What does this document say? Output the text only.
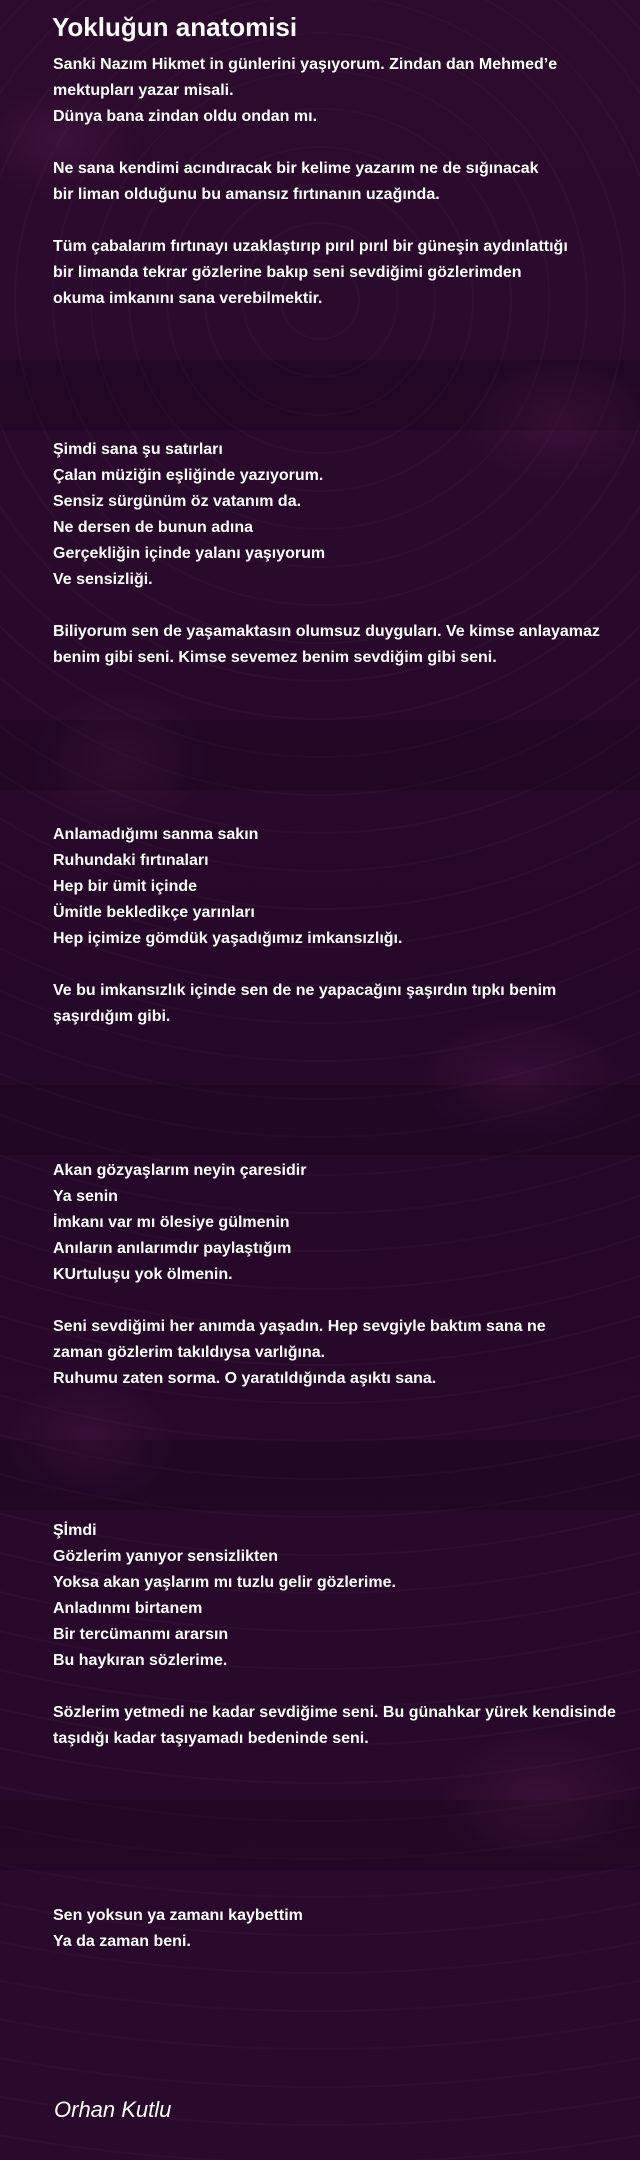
Yokluğun anatomisi
Sanki Nazım Hikmet in günlerini yaşıyorum. Zindan dan Mehmed’e
mektupları yazar misali.
Dünya bana zindan oldu ondan mı.
Ne sana kendimi acındıracak bir kelime yazarım ne de sığınacak
bir liman olduğunu bu amansız fırtınanın uzağında.
Tüm çabalarım fırtınayı uzaklaştırıp pırıl pırıl bir güneşin aydınlattığı
bir limanda tekrar gözlerine bakıp seni sevdiğimi gözlerimden
okuma imkanını sana verebilmektir.
Şimdi sana şu satırları
Çalan müziğin eşliğinde yazıyorum.
Sensiz sürgünüm öz vatanım da.
Ne dersen de bunun adına
Gerçekliğin içinde yalanı yaşıyorum
Ve sensizliği.
Biliyorum sen de yaşamaktasın olumsuz duyguları. Ve kimse anlayamaz
benim gibi seni. Kimse sevemez benim sevdiğim gibi seni.
Anlamadığımı sanma sakın
Ruhundaki fırtınaları
Hep bir ümit içinde
Ümitle bekledikçe yarınları
Hep içimize gömdük yaşadığımız imkansızlığı.
Ve bu imkansızlık içinde sen de ne yapacağını şaşırdın tıpkı benim
şaşırdığım gibi.
Akan gözyaşlarım neyin çaresidir
Ya senin
İmkanı var mı ölesiye gülmenin
Anıların anılarımdır paylaştığım
KUrtuluşu yok ölmenin.
Seni sevdiğimi her anımda yaşadın. Hep sevgiyle baktım sana ne
zaman gözlerim takıldıysa varlığına.
Ruhumu zaten sorma. O yaratıldığında aşıktı sana.
Şİmdi
Gözlerim yanıyor sensizlikten
Yoksa akan yaşlarım mı tuzlu gelir gözlerime.
Anladınmı birtanem
Bir tercümanmı ararsın
Bu haykıran sözlerime.
Sözlerim yetmedi ne kadar sevdiğime seni. Bu günahkar yürek kendisinde
taşıdığı kadar taşıyamadı bedeninde seni.
Sen yoksun ya zamanı kaybettim
Ya da zaman beni.
Orhan Kutlu
